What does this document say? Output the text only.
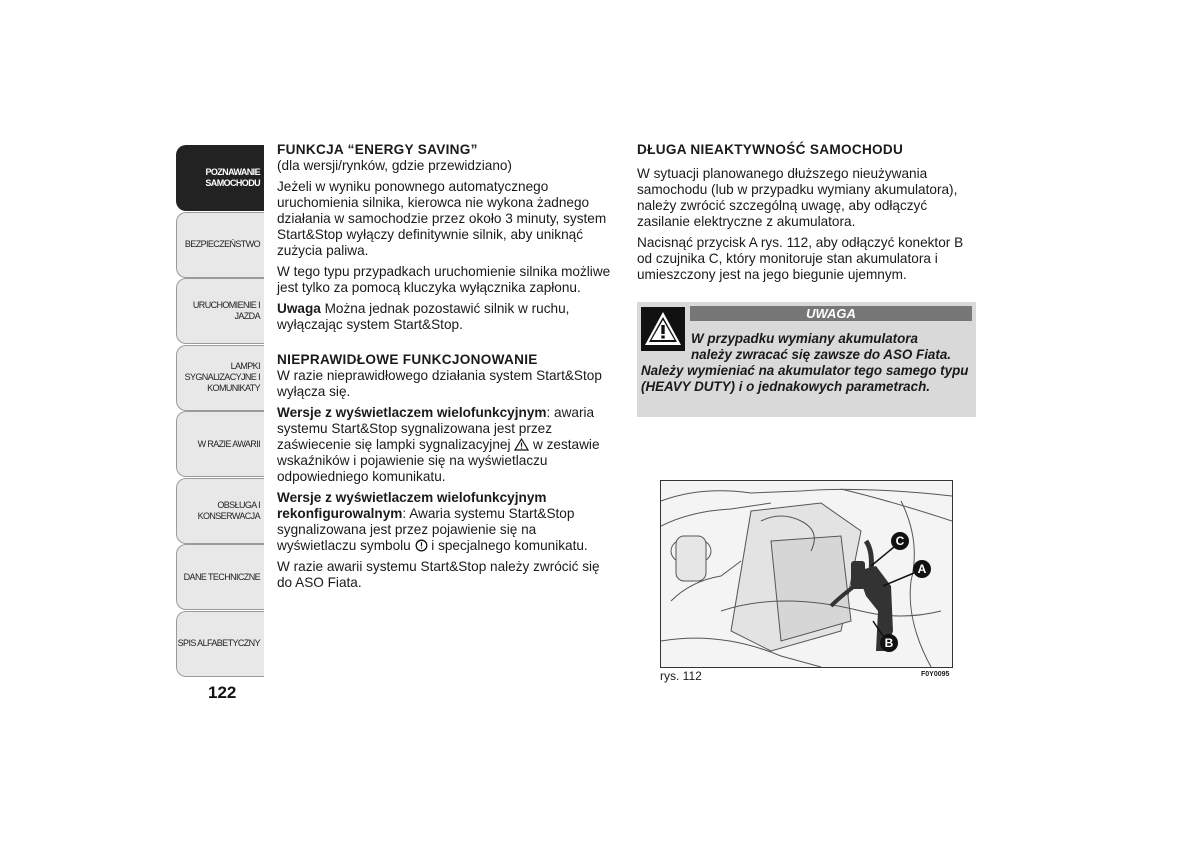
POZNAWANIE
SAMOCHODU
BEZPIECZEŃSTWO
URUCHOMIENIE I
JAZDA
LAMPKI
SYGNALIZACYJNE I
KOMUNIKATY
W RAZIE AWARII
OBSŁUGA I
KONSERWACJA
DANE TECHNICZNE
SPIS ALFABETYCZNY
122
FUNKCJA “ENERGY SAVING”

(dla wersji/rynków, gdzie przewidziano)

Jeżeli w wyniku ponownego automatycznego uruchomienia silnika, kierowca nie wykona żadnego działania w samochodzie przez około 3 minuty, system Start&Stop wyłączy definitywnie silnik, aby uniknąć zużycia paliwa.

W tego typu przypadkach uruchomienie silnika możliwe jest tylko za pomocą kluczyka wyłącznika zapłonu.

Uwaga Można jednak pozostawić silnik w ruchu, wyłączając system Start&Stop.

NIEPRAWIDŁOWE FUNKCJONOWANIE

W razie nieprawidłowego działania system Start&Stop wyłącza się.

Wersje z wyświetlaczem wielofunkcyjnym: awaria systemu Start&Stop sygnalizowana jest przez zaświecenie się lampki sygnalizacyjnej  w zestawie wskaźników i pojawienie się na wyświetlaczu odpowiedniego komunikatu.

Wersje z wyświetlaczem wielofunkcyjnym rekonfigurowalnym: Awaria systemu Start&Stop sygnalizowana jest przez pojawienie się na wyświetlaczu symbolu  i specjalnego komunikatu.

W razie awarii systemu Start&Stop należy zwrócić się do ASO Fiata.

DŁUGA NIEAKTYWNOŚĆ SAMOCHODU

W sytuacji planowanego dłuższego nieużywania samochodu (lub w przypadku wymiany akumulatora), należy zwrócić szczególną uwagę, aby odłączyć zasilanie elektryczne z akumulatora.

Nacisnąć przycisk A rys. 112, aby odłączyć konektor B od czujnika C, który monitoruje stan akumulatora i umieszczony jest na jego biegunie ujemnym.

UWAGA
W przypadku wymiany akumulatora
należy zwracać się zawsze do ASO Fiata.
Należy wymieniać na akumulator tego samego typu (HEAVY DUTY) i o jednakowych parametrach.
C
A
B
rys. 112	F0Y0095
